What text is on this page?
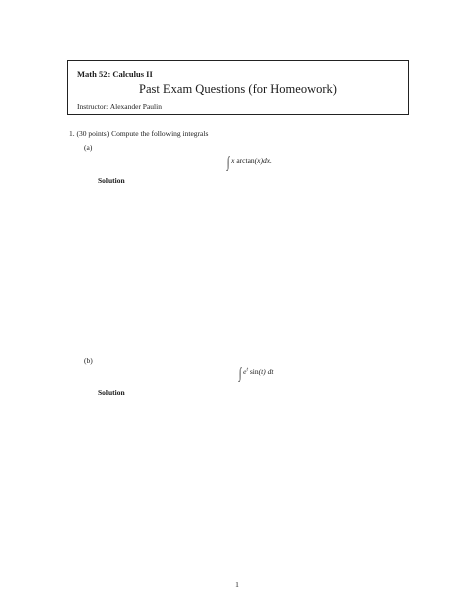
Math 52: Calculus II
Past Exam Questions (for Homeowork)
Instructor: Alexander Paulin
1. (30 points) Compute the following integrals
(a)
∫ x arctan(x)dx.
Solution
(b)
∫ $e^t$ sin(t) dt
Solution
1
